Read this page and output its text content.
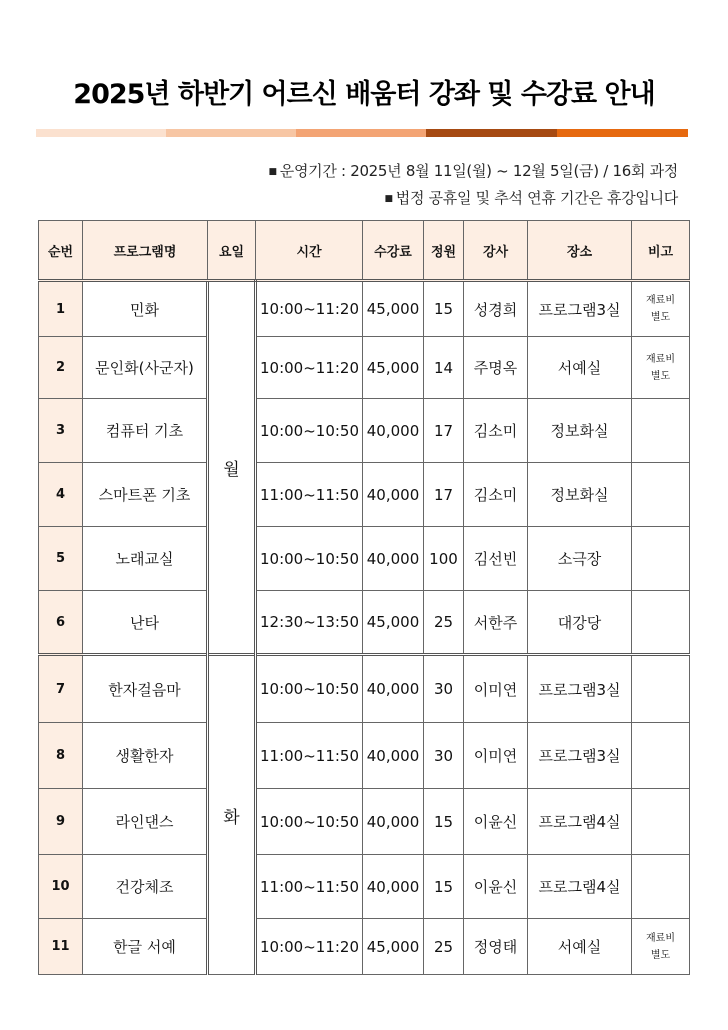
2025년 하반기 어르신 배움터 강좌 및 수강료 안내
■ 운영기간 : 2025년 8월 11일(월) ~ 12월 5일(금) / 16회 과정
■ 법정 공휴일 및 추석 연휴 기간은 휴강입니다
순번	프로그램명	요일	시간	수강료	정원	강사	장소	비고
1	민화	월	10:00~11:20	45,000	15	성경희	프로그램3실	재료비
별도

2	문인화(사군자)		10:00~11:20	45,000	14	주명옥	서예실	재료비
별도

3	컴퓨터 기초		10:00~10:50	40,000	17	김소미	정보화실	

4	스마트폰 기초		11:00~11:50	40,000	17	김소미	정보화실	

5	노래교실		10:00~10:50	40,000	100	김선빈	소극장	

6	난타		12:30~13:50	45,000	25	서한주	대강당	

7	한자걸음마	화	10:00~10:50	40,000	30	이미연	프로그램3실	

8	생활한자		11:00~11:50	40,000	30	이미연	프로그램3실	

9	라인댄스		10:00~10:50	40,000	15	이윤신	프로그램4실	

10	건강체조		11:00~11:50	40,000	15	이윤신	프로그램4실	

11	한글 서예		10:00~11:20	45,000	25	정영태	서예실	재료비
별도
